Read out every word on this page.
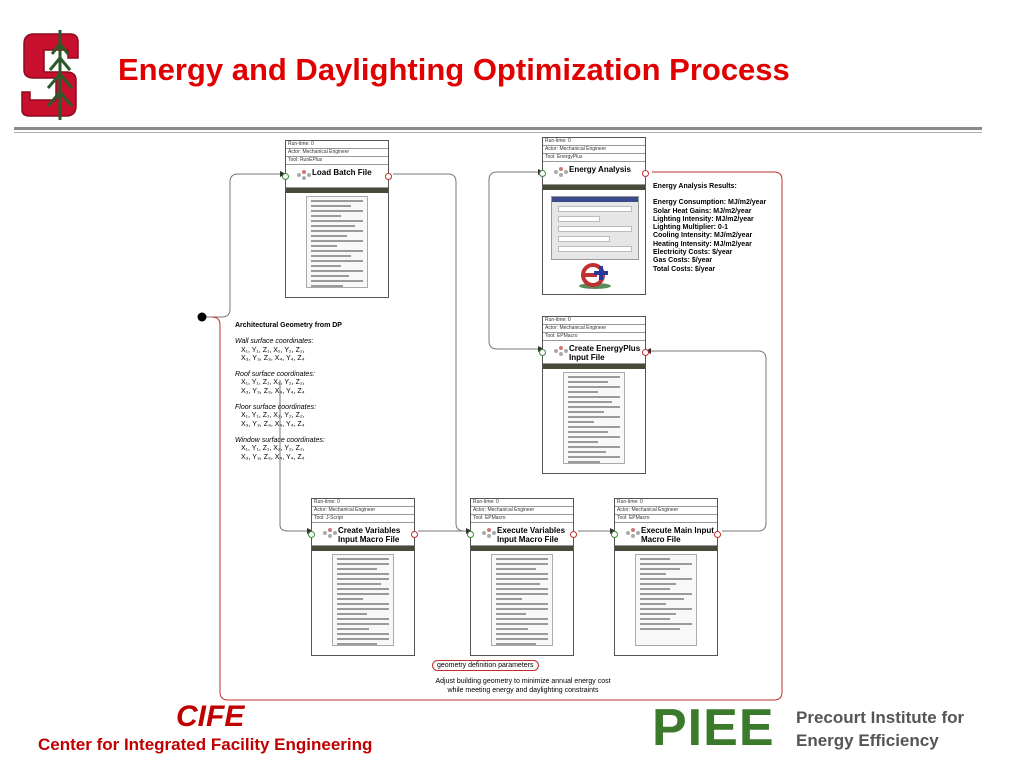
Energy and Daylighting Optimization Process
Run-time: 0
Actor: Mechanical Engineer
Tool: RunEPlus
Load Batch File
Run-time: 0
Actor: Mechanical Engineer
Tool: EnergyPlus
Energy Analysis
Run-time: 0
Actor: Mechanical Engineer
Tool: EPMacro
Create EnergyPlus Input File
Run-time: 0
Actor: Mechanical Engineer
Tool: J-Script
Create Variables Input Macro File
Run-time: 0
Actor: Mechanical Engineer
Tool: EPMacro
Execute Variables Input Macro File
Run-time: 0
Actor: Mechanical Engineer
Tool: EPMacro
Execute Main Input Macro File
Energy Analysis Results:
Energy Consumption: MJ/m2/year
Solar Heat Gains: MJ/m2/year
Lighting Intensity: MJ/m2/year
Lighting Multiplier: 0-1
Cooling Intensity: MJ/m2/year
Heating Intensity: MJ/m2/year
Electricity Costs: $/year
Gas Costs: $/year
Total Costs: $/year
Architectural Geometry from DP
Wall surface coordinates:
X₁, Y₁, Z₁, X₂, Y₂, Z₂,
X₃, Y₃, Z₃, X₄, Y₄, Z₄
Roof surface coordinates:
X₁, Y₁, Z₁, X₂, Y₂, Z₂,
X₃, Y₃, Z₃, X₄, Y₄, Z₄
Floor surface coordinates:
X₁, Y₁, Z₁, X₂, Y₂, Z₂,
X₃, Y₃, Z₃, X₄, Y₄, Z₄
Window surface coordinates:
X₁, Y₁, Z₁, X₂, Y₂, Z₂,
X₃, Y₃, Z₃, X₄, Y₄, Z₄
geometry definition parameters
Adjust building geometry to minimize annual energy cost while meeting energy and daylighting constraints
CIFE
Center for Integrated Facility Engineering	PIEE Precourt Institute for
Energy Efficiency
